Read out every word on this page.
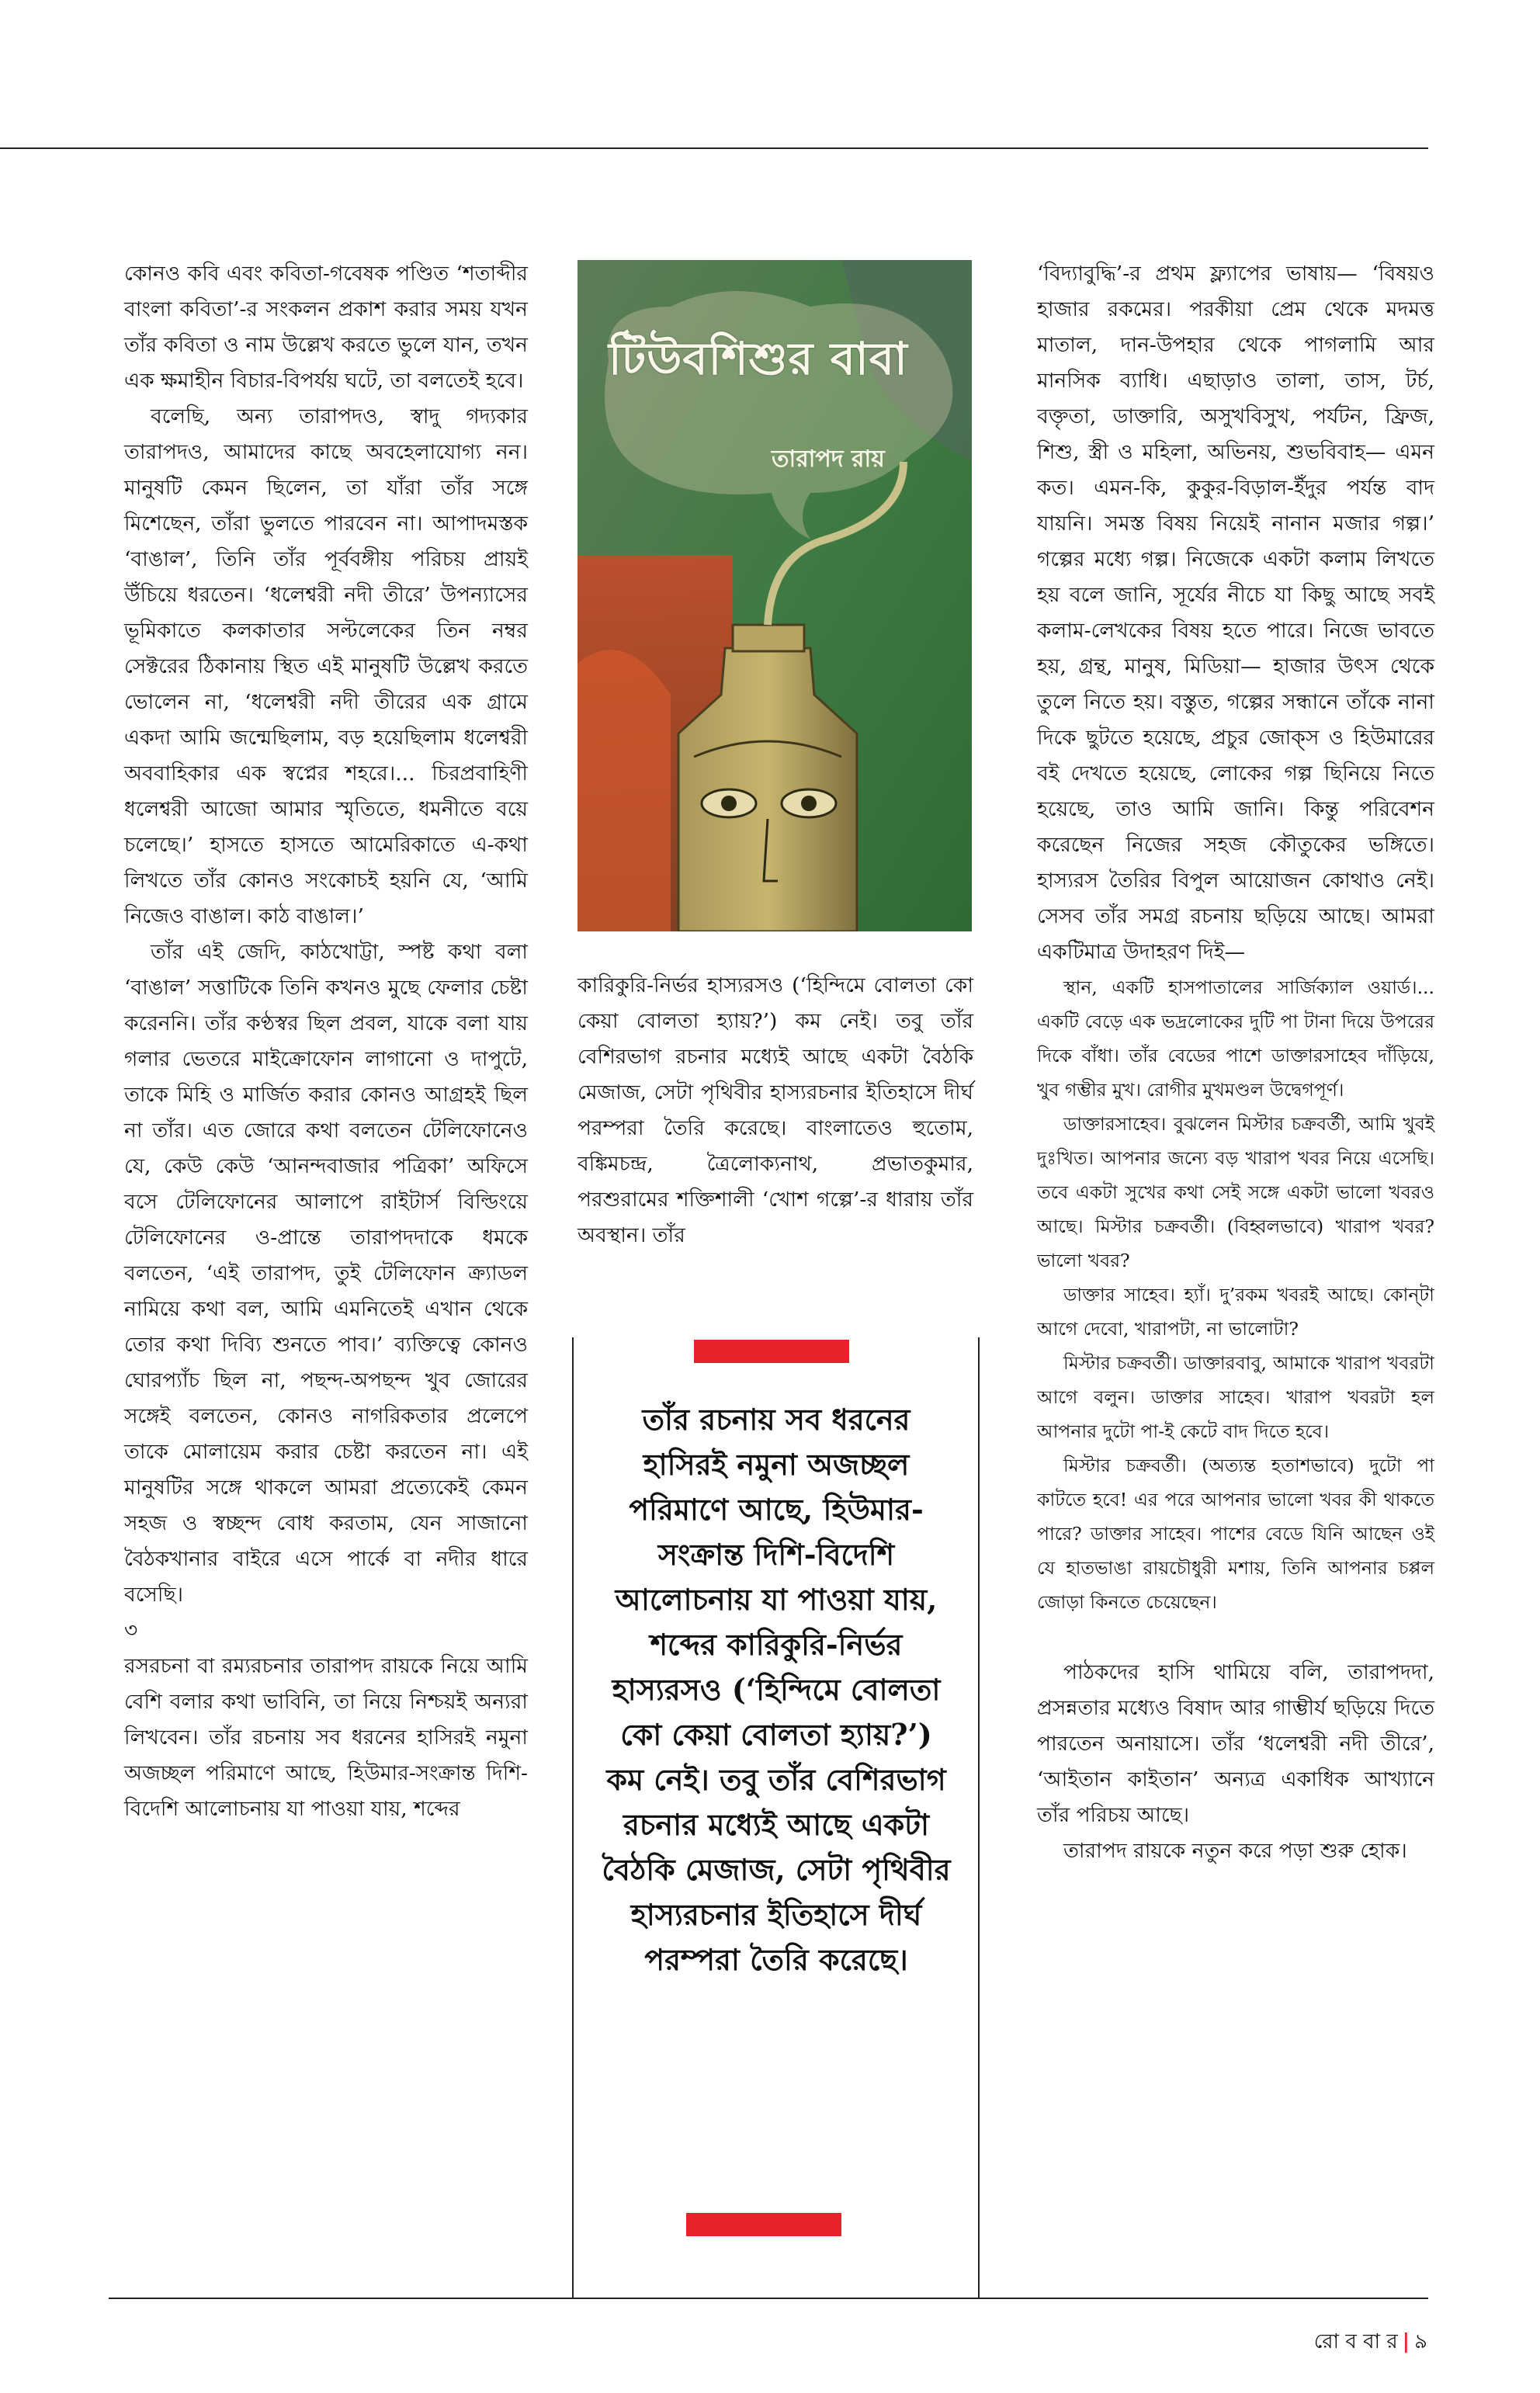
কোনও কবি এবং কবিতা-গবেষক পণ্ডিত ‘শতাব্দীর বাংলা কবিতা’-র সংকলন প্রকাশ করার সময় যখন তাঁর কবিতা ও নাম উল্লেখ করতে ভুলে যান, তখন এক ক্ষমাহীন বিচার-বিপর্যয় ঘটে, তা বলতেই হবে।

বলেছি, অন্য তারাপদও, স্বাদু গদ্যকার তারাপদও, আমাদের কাছে অবহেলাযোগ্য নন। মানুষটি কেমন ছিলেন, তা যাঁরা তাঁর সঙ্গে মিশেছেন, তাঁরা ভুলতে পারবেন না। আপাদমস্তক ‘বাঙাল’, তিনি তাঁর পূর্ববঙ্গীয় পরিচয় প্রায়ই উঁচিয়ে ধরতেন। ‘ধলেশ্বরী নদী তীরে’ উপন্যাসের ভূমিকাতে কলকাতার সল্টলেকের তিন নম্বর সেক্টরের ঠিকানায় স্থিত এই মানুষটি উল্লেখ করতে ভোলেন না, ‘ধলেশ্বরী নদী তীরের এক গ্রামে একদা আমি জন্মেছিলাম, বড় হয়েছিলাম ধলেশ্বরী অববাহিকার এক স্বপ্নের শহরে।... চিরপ্রবাহিণী ধলেশ্বরী আজো আমার স্মৃতিতে, ধমনীতে বয়ে চলেছে।’ হাসতে হাসতে আমেরিকাতে এ-কথা লিখতে তাঁর কোনও সংকোচই হয়নি যে, ‘আমি নিজেও বাঙাল। কাঠ বাঙাল।’

তাঁর এই জেদি, কাঠখোট্টা, স্পষ্ট কথা বলা ‘বাঙাল’ সত্তাটিকে তিনি কখনও মুছে ফেলার চেষ্টা করেননি। তাঁর কণ্ঠস্বর ছিল প্রবল, যাকে বলা যায় গলার ভেতরে মাইক্রোফোন লাগানো ও দাপুটে, তাকে মিহি ও মার্জিত করার কোনও আগ্রহই ছিল না তাঁর। এত জোরে কথা বলতেন টেলিফোনেও যে, কেউ কেউ ‘আনন্দবাজার পত্রিকা’ অফিসে বসে টেলিফোনের আলাপে রাইটার্স বিল্ডিংয়ে টেলিফোনের ও-প্রান্তে তারাপদদাকে ধমকে বলতেন, ‘এই তারাপদ, তুই টেলিফোন ক্র্যাডল নামিয়ে কথা বল, আমি এমনিতেই এখান থেকে তোর কথা দিব্যি শুনতে পাব।’ ব্যক্তিত্বে কোনও ঘোরপ্যাঁচ ছিল না, পছন্দ-অপছন্দ খুব জোরের সঙ্গেই বলতেন, কোনও নাগরিকতার প্রলেপে তাকে মোলায়েম করার চেষ্টা করতেন না। এই মানুষটির সঙ্গে থাকলে আমরা প্রত্যেকেই কেমন সহজ ও স্বচ্ছন্দ বোধ করতাম, যেন সাজানো বৈঠকখানার বাইরে এসে পার্কে বা নদীর ধারে বসেছি।

৩

রসরচনা বা রম্যরচনার তারাপদ রায়কে নিয়ে আমি বেশি বলার কথা ভাবিনি, তা নিয়ে নিশ্চয়ই অন্যরা লিখবেন। তাঁর রচনায় সব ধরনের হাসিরই নমুনা অজচ্ছল পরিমাণে আছে, হিউমার-সংক্রান্ত দিশি-বিদেশি আলোচনায় যা পাওয়া যায়, শব্দের

টিউবশিশুর বাবা
তারাপদ রায়

কারিকুরি-নির্ভর হাস্যরসও (‘হিন্দিমে বোলতা কো কেয়া বোলতা হ্যায়?’) কম নেই। তবু তাঁর বেশিরভাগ রচনার মধ্যেই আছে একটা বৈঠকি মেজাজ, সেটা পৃথিবীর হাস্যরচনার ইতিহাসে দীর্ঘ পরম্পরা তৈরি করেছে। বাংলাতেও হুতোম, বঙ্কিমচন্দ্র, ত্রৈলোক্যনাথ, প্রভাতকুমার, পরশুরামের শক্তিশালী ‘খোশ গল্পে’-র ধারায় তাঁর অবস্থান। তাঁর

তাঁর রচনায় সব ধরনের হাসিরই নমুনা অজচ্ছল পরিমাণে আছে, হিউমার-সংক্রান্ত দিশি-বিদেশি আলোচনায় যা পাওয়া যায়, শব্দের কারিকুরি-নির্ভর হাস্যরসও (‘হিন্দিমে বোলতা কো কেয়া বোলতা হ্যায়?’) কম নেই। তবু তাঁর বেশিরভাগ রচনার মধ্যেই আছে একটা বৈঠকি মেজাজ, সেটা পৃথিবীর হাস্যরচনার ইতিহাসে দীর্ঘ পরম্পরা তৈরি করেছে।

‘বিদ্যাবুদ্ধি’-র প্রথম ফ্ল্যাপের ভাষায়— ‘বিষয়ও হাজার রকমের। পরকীয়া প্রেম থেকে মদমত্ত মাতাল, দান-উপহার থেকে পাগলামি আর মানসিক ব্যাধি। এছাড়াও তালা, তাস, টর্চ, বক্তৃতা, ডাক্তারি, অসুখবিসুখ, পর্যটন, ফ্রিজ, শিশু, স্ত্রী ও মহিলা, অভিনয়, শুভবিবাহ— এমন কত। এমন-কি, কুকুর-বিড়াল-ইঁদুর পর্যন্ত বাদ যায়নি। সমস্ত বিষয় নিয়েই নানান মজার গল্প।’ গল্পের মধ্যে গল্প। নিজেকে একটা কলাম লিখতে হয় বলে জানি, সূর্যের নীচে যা কিছু আছে সবই কলাম-লেখকের বিষয় হতে পারে। নিজে ভাবতে হয়, গ্রন্থ, মানুষ, মিডিয়া— হাজার উৎস থেকে তুলে নিতে হয়। বস্তুত, গল্পের সন্ধানে তাঁকে নানা দিকে ছুটতে হয়েছে, প্রচুর জোক্‌স ও হিউমারের বই দেখতে হয়েছে, লোকের গল্প ছিনিয়ে নিতে হয়েছে, তাও আমি জানি। কিন্তু পরিবেশন করেছেন নিজের সহজ কৌতুকের ভঙ্গিতে। হাস্যরস তৈরির বিপুল আয়োজন কোথাও নেই। সেসব তাঁর সমগ্র রচনায় ছড়িয়ে আছে। আমরা একটিমাত্র উদাহরণ দিই—

স্থান, একটি হাসপাতালের সার্জিক্যাল ওয়ার্ড।... একটি বেড়ে এক ভদ্রলোকের দুটি পা টানা দিয়ে উপরের দিকে বাঁধা। তাঁর বেডের পাশে ডাক্তারসাহেব দাঁড়িয়ে, খুব গম্ভীর মুখ। রোগীর মুখমণ্ডল উদ্বেগপূর্ণ।

ডাক্তারসাহেব। বুঝলেন মিস্টার চক্রবর্তী, আমি খুবই দুঃখিত। আপনার জন্যে বড় খারাপ খবর নিয়ে এসেছি। তবে একটা সুখের কথা সেই সঙ্গে একটা ভালো খবরও আছে। মিস্টার চক্রবর্তী। (বিহ্বলভাবে) খারাপ খবর? ভালো খবর?

ডাক্তার সাহেব। হ্যাঁ। দু’রকম খবরই আছে। কোন্‌টা আগে দেবো, খারাপটা, না ভালোটা?

মিস্টার চক্রবর্তী। ডাক্তারবাবু, আমাকে খারাপ খবরটা আগে বলুন। ডাক্তার সাহেব। খারাপ খবরটা হল আপনার দুটো পা-ই কেটে বাদ দিতে হবে।

মিস্টার চক্রবর্তী। (অত্যন্ত হতাশভাবে) দুটো পা কাটতে হবে! এর পরে আপনার ভালো খবর কী থাকতে পারে? ডাক্তার সাহেব। পাশের বেডে যিনি আছেন ওই যে হাতভাঙা রায়চৌধুরী মশায়, তিনি আপনার চপ্পল জোড়া কিনতে চেয়েছেন।

পাঠকদের হাসি থামিয়ে বলি, তারাপদদা, প্রসন্নতার মধ্যেও বিষাদ আর গাম্ভীর্য ছড়িয়ে দিতে পারতেন অনায়াসে। তাঁর ‘ধলেশ্বরী নদী তীরে’, ‘আইতান কাইতান’ অন্যত্র একাধিক আখ্যানে তাঁর পরিচয় আছে।

তারাপদ রায়কে নতুন করে পড়া শুরু হোক।

রো ব বা র | ৯
